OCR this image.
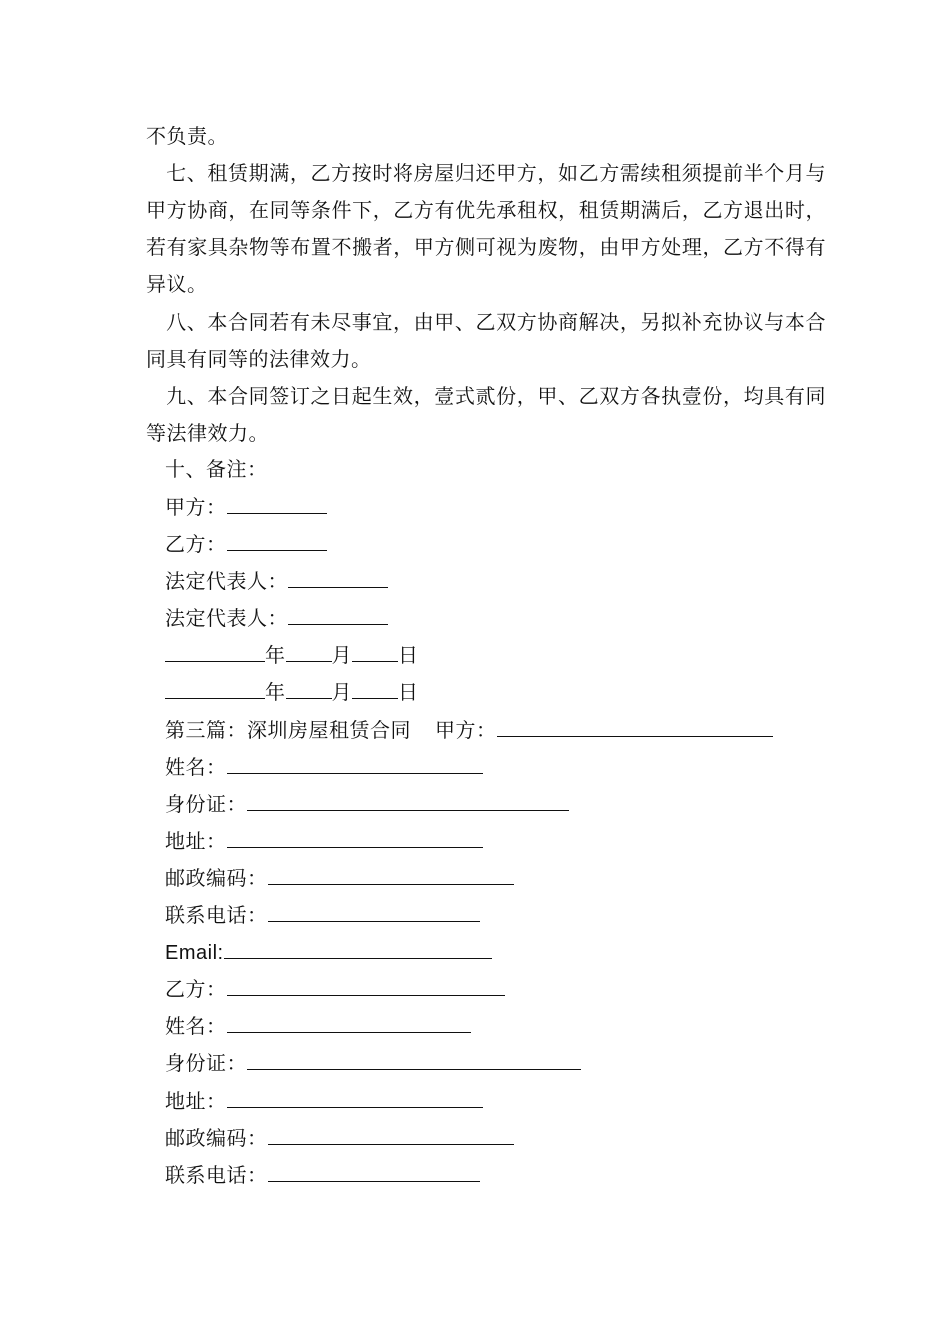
不负责。
七、租赁期满，乙方按时将房屋归还甲方，如乙方需续租须提前半个月与甲方协商，在同等条件下，乙方有优先承租权，租赁期满后，乙方退出时，若有家具杂物等布置不搬者，甲方侧可视为废物，由甲方处理，乙方不得有异议。
八、本合同若有未尽事宜，由甲、乙双方协商解决，另拟补充协议与本合同具有同等的法律效力。
九、本合同签订之日起生效，壹式贰份，甲、乙双方各执壹份，均具有同等法律效力。
十、备注：
甲方：
乙方：
法定代表人：
法定代表人：
年 月 日
年 月 日
第三篇：深圳房屋租赁合同 甲方：
姓名：
身份证：
地址：
邮政编码：
联系电话：
Email:
乙方：
姓名：
身份证：
地址：
邮政编码：
联系电话：
